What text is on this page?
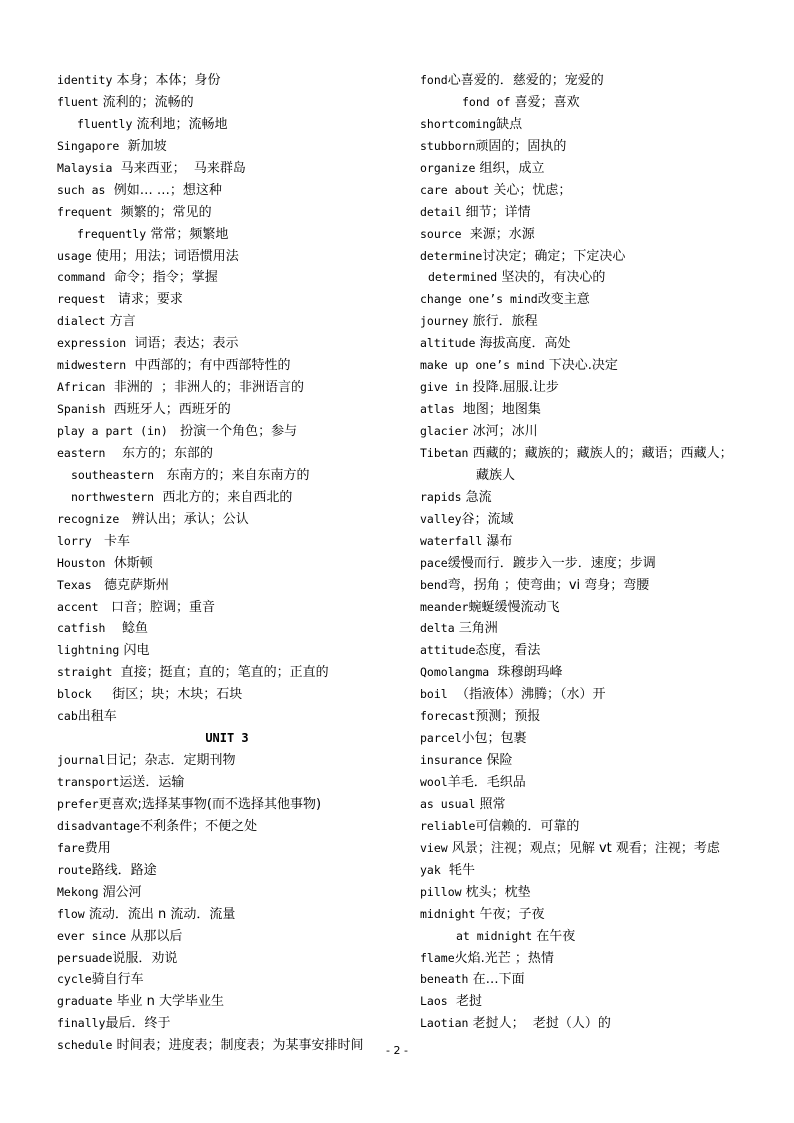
identity 本身；本体；身份
fluent 流利的；流畅的
fluently 流利地；流畅地
Singapore  新加坡
Malaysia  马来西亚；  马来群岛
such as  例如… …；想这种
frequent  频繁的；常见的
frequently 常常；频繁地
usage 使用；用法；词语惯用法
command  命令；指令；掌握
request   请求；要求
dialect 方言
expression  词语；表达；表示
midwestern  中西部的；有中西部特性的
African  非洲的  ；非洲人的；非洲语言的
Spanish  西班牙人；西班牙的
play a part (in)   扮演一个角色；参与
eastern    东方的；东部的
southeastern   东南方的；来自东南方的
northwestern  西北方的；来自西北的
recognize   辨认出；承认；公认
lorry   卡车
Houston  休斯顿
Texas   德克萨斯州
accent   口音；腔调；重音
catfish    鲶鱼
lightning 闪电
straight  直接；挺直；直的；笔直的；正直的
block     街区；块；木块；石块
cab出租车
UNIT 3
journal日记；杂志．定期刊物
transport运送．运输
prefer更喜欢;选择某事物(而不选择其他事物)
disadvantage不利条件；不便之处
fare费用
route路线．路途
Mekong 湄公河
flow 流动．流出 n 流动．流量
ever since 从那以后
persuade说服．劝说
cycle骑自行车
graduate 毕业 n 大学毕业生
finally最后．终于
schedule 时间表；进度表；制度表；为某事安排时间
fond心喜爱的．慈爱的；宠爱的
fond of 喜爱；喜欢
shortcoming缺点
stubborn顽固的；固执的
organize 组织，成立
care about 关心；忧虑；
detail 细节；详情
source  来源；水源
determine讨决定；确定；下定决心
determined 坚决的，有决心的
change one’s mind改变主意
journey 旅行．旅程
altitude 海拔高度．高处
make up one’s mind 下决心.决定
give in 投降.屈服.让步
atlas  地图；地图集
glacier 冰河；冰川
Tibetan 西藏的；藏族的；藏族人的；藏语；西藏人；
藏族人
rapids 急流
valley谷；流域
waterfall 瀑布
pace缓慢而行．踱步入一步．速度；步调
bend弯，拐角 ；使弯曲；vi 弯身；弯腰
meander蜿蜒缓慢流动飞
delta 三角洲
attitude态度，看法
Qomolangma  珠穆朗玛峰
boil  （指液体）沸腾；（水）开
forecast预测；预报
parcel小包；包裹
insurance 保险
wool羊毛．毛织品
as usual 照常
reliable可信赖的．可靠的
view 风景；注视；观点；见解 vt 观看；注视；考虑
yak  牦牛
pillow 枕头；枕垫
midnight 午夜；子夜
at midnight 在午夜
flame火焰.光芒 ；热情
beneath 在…下面
Laos  老挝
Laotian 老挝人；  老挝（人）的
- 2 -
